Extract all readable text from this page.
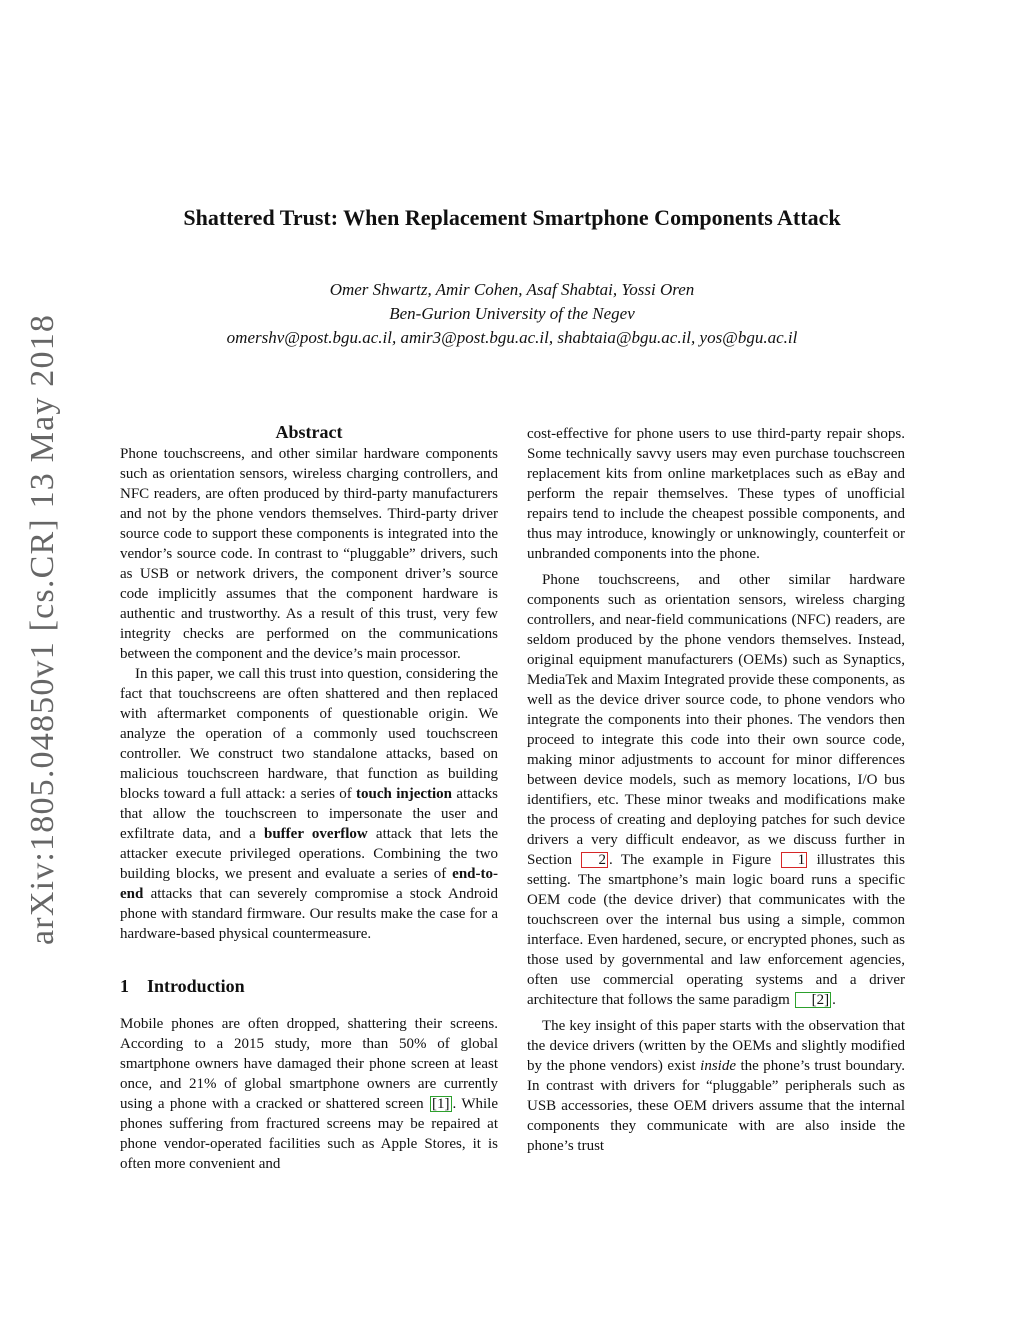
arXiv:1805.04850v1 [cs.CR] 13 May 2018
Shattered Trust: When Replacement Smartphone Components Attack
Omer Shwartz, Amir Cohen, Asaf Shabtai, Yossi Oren
Ben-Gurion University of the Negev
omershv@post.bgu.ac.il, amir3@post.bgu.ac.il, shabtaia@bgu.ac.il, yos@bgu.ac.il
Abstract

Phone touchscreens, and other similar hardware components such as orientation sensors, wireless charging controllers, and NFC readers, are often produced by third-party manufacturers and not by the phone vendors themselves. Third-party driver source code to support these components is integrated into the vendor’s source code. In contrast to “pluggable” drivers, such as USB or network drivers, the component driver’s source code implicitly assumes that the component hardware is authentic and trustworthy. As a result of this trust, very few integrity checks are performed on the communications between the component and the device’s main processor.

In this paper, we call this trust into question, considering the fact that touchscreens are often shattered and then replaced with aftermarket components of questionable origin. We analyze the operation of a commonly used touchscreen controller. We construct two standalone attacks, based on malicious touchscreen hardware, that function as building blocks toward a full attack: a series of touch injection attacks that allow the touchscreen to impersonate the user and exfiltrate data, and a buffer overflow attack that lets the attacker execute privileged operations. Combining the two building blocks, we present and evaluate a series of end-to-end attacks that can severely compromise a stock Android phone with standard firmware. Our results make the case for a hardware-based physical countermeasure.

1 Introduction

Mobile phones are often dropped, shattering their screens. According to a 2015 study, more than 50% of global smartphone owners have damaged their phone screen at least once, and 21% of global smartphone owners are currently using a phone with a cracked or shattered screen [1] . While phones suffering from fractured screens may be repaired at phone vendor-operated facilities such as Apple Stores, it is often more convenient and

cost-effective for phone users to use third-party repair shops. Some technically savvy users may even purchase touchscreen replacement kits from online marketplaces such as eBay and perform the repair themselves. These types of unofficial repairs tend to include the cheapest possible components, and thus may introduce, knowingly or unknowingly, counterfeit or unbranded components into the phone.

Phone touchscreens, and other similar hardware components such as orientation sensors, wireless charging controllers, and near-field communications (NFC) readers, are seldom produced by the phone vendors themselves. Instead, original equipment manufacturers (OEMs) such as Synaptics, MediaTek and Maxim Integrated provide these components, as well as the device driver source code, to phone vendors who integrate the components into their phones. The vendors then proceed to integrate this code into their own source code, making minor adjustments to account for minor differences between device models, such as memory locations, I/O bus identifiers, etc. These minor tweaks and modifications make the process of creating and deploying patches for such device drivers a very difficult endeavor, as we discuss further in Section 2 . The example in Figure 1 illustrates this setting. The smartphone’s main logic board runs a specific OEM code (the device driver) that communicates with the touchscreen over the internal bus using a simple, common interface. Even hardened, secure, or encrypted phones, such as those used by governmental and law enforcement agencies, often use commercial operating systems and a driver architecture that follows the same paradigm [2] .

The key insight of this paper starts with the observation that the device drivers (written by the OEMs and slightly modified by the phone vendors) exist inside the phone’s trust boundary. In contrast with drivers for “pluggable” peripherals such as USB accessories, these OEM drivers assume that the internal components they communicate with are also inside the phone’s trust
